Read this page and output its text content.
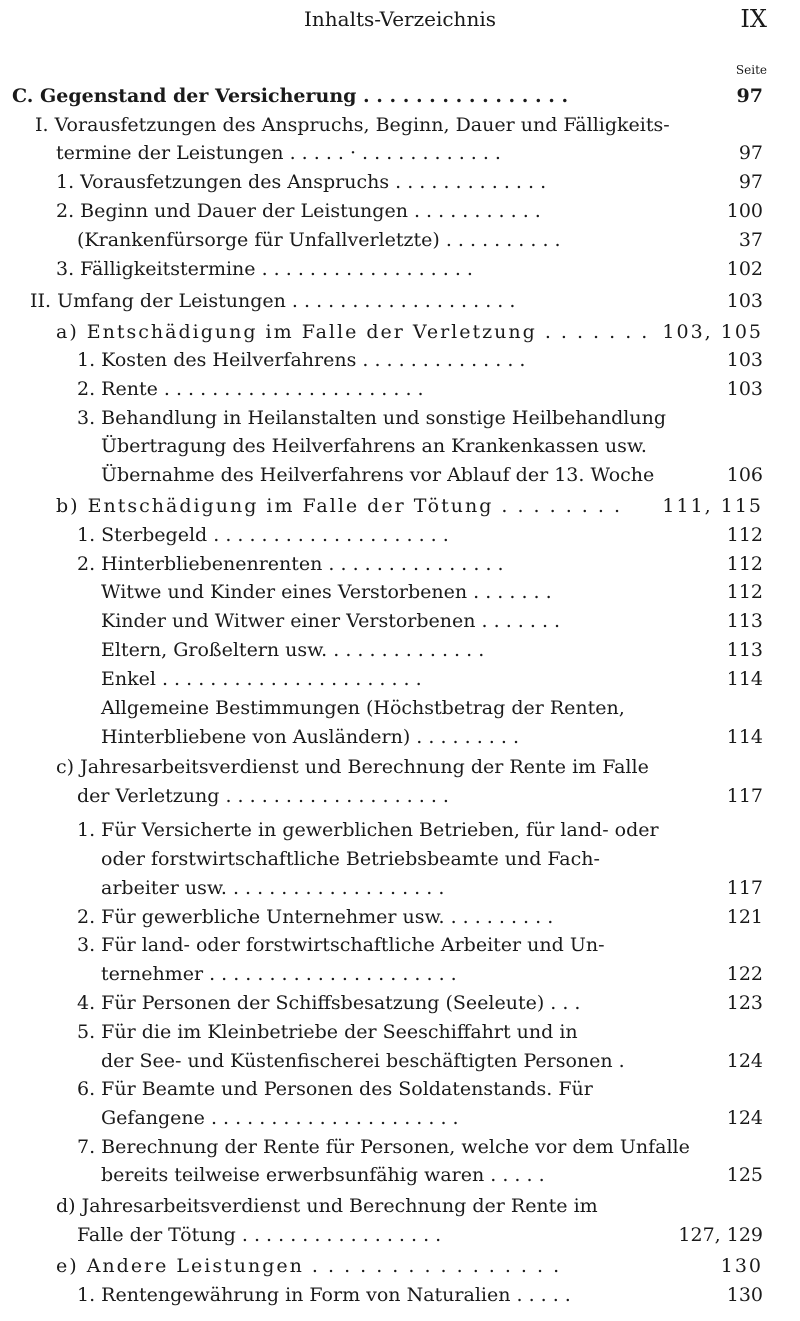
Inhalts-Verzeichnis	IX
Seite
C. Gegenstand der Versicherung . . . . . . . . . . . . . . . .	97
I. Vorausfetzungen des Anspruchs, Beginn, Dauer und Fälligkeits-
termine der Leistungen . . . . . · . . . . . . . . . . . .	97
1. Vorausfetzungen des Anspruchs . . . . . . . . . . . . .	97
2. Beginn und Dauer der Leistungen . . . . . . . . . . .	100
(Krankenfürsorge für Unfallverletzte) . . . . . . . . . .	37
3. Fälligkeitstermine . . . . . . . . . . . . . . . . . .	102
II. Umfang der Leistungen . . . . . . . . . . . . . . . . . . .	103
a) Entschädigung im Falle der Verletzung . . . . . . . 103, 105
1. Kosten des Heilverfahrens . . . . . . . . . . . . . .	103
2. Rente . . . . . . . . . . . . . . . . . . . . . .	103
3. Behandlung in Heilanstalten und sonstige Heilbehandlung
Übertragung des Heilverfahrens an Krankenkassen usw.
Übernahme des Heilverfahrens vor Ablauf der 13. Woche	106
b) Entschädigung im Falle der Tötung . . . . . . . . 111, 115
1. Sterbegeld . . . . . . . . . . . . . . . . . . . .	112
2. Hinterbliebenenrenten . . . . . . . . . . . . . . .	112
Witwe und Kinder eines Verstorbenen . . . . . . .	112
Kinder und Witwer einer Verstorbenen . . . . . . .	113
Eltern, Großeltern usw. . . . . . . . . . . . . .	113
Enkel . . . . . . . . . . . . . . . . . . . . . .	114
Allgemeine Bestimmungen (Höchstbetrag der Renten,
Hinterbliebene von Ausländern) . . . . . . . . .	114
c) Jahresarbeitsverdienst und Berechnung der Rente im Falle
der Verletzung . . . . . . . . . . . . . . . . . . .	117
1. Für Versicherte in gewerblichen Betrieben, für land- oder
oder forstwirtschaftliche Betriebsbeamte und Fach-
arbeiter usw. . . . . . . . . . . . . . . . . . .	117
2. Für gewerbliche Unternehmer usw. . . . . . . . . .	121
3. Für land- oder forstwirtschaftliche Arbeiter und Un-
ternehmer . . . . . . . . . . . . . . . . . . . . .	122
4. Für Personen der Schiffsbesatzung (Seeleute) . . .	123
5. Für die im Kleinbetriebe der Seeschiffahrt und in
der See- und Küstenfischerei beschäftigten Personen .	124
6. Für Beamte und Personen des Soldatenstands. Für
Gefangene . . . . . . . . . . . . . . . . . . . . .	124
7. Berechnung der Rente für Personen, welche vor dem Unfalle
bereits teilweise erwerbsunfähig waren . . . . .	125
d) Jahresarbeitsverdienst und Berechnung der Rente im
Falle der Tötung . . . . . . . . . . . . . . . . .	127, 129
e) Andere Leistungen . . . . . . . . . . . . . . . .	130
1. Rentengewährung in Form von Naturalien . . . . .	130
